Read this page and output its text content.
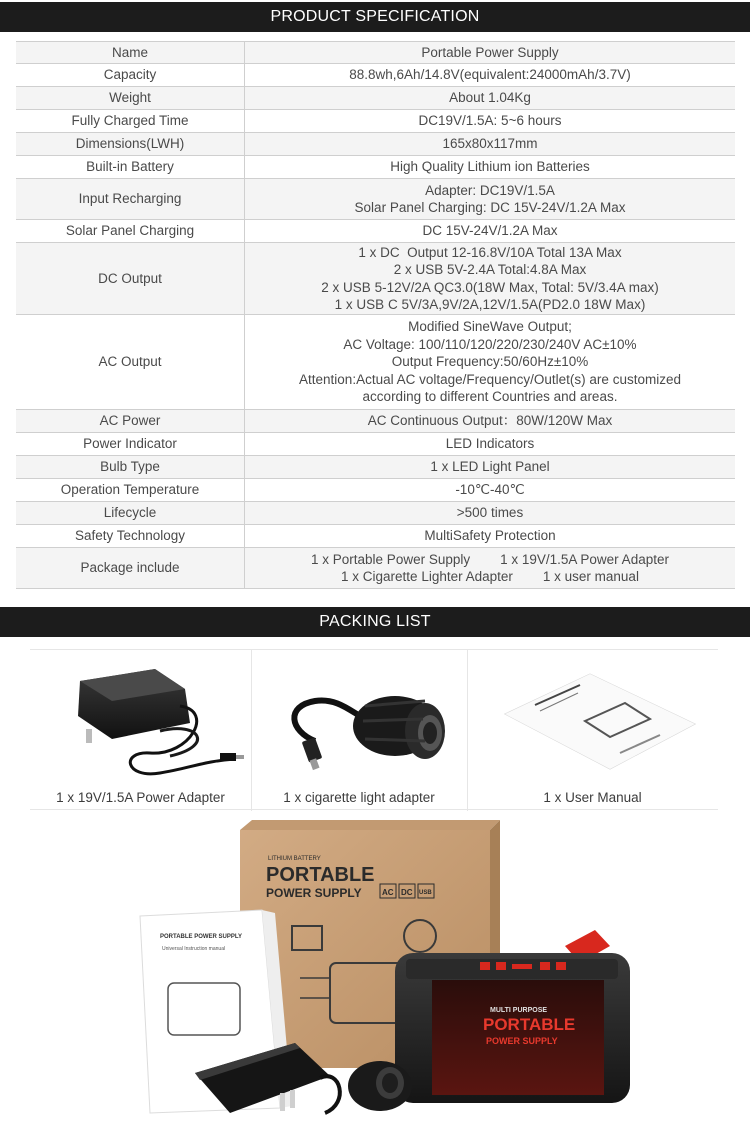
PRODUCT SPECIFICATION
Name	Portable Power Supply

Capacity	88.8wh,6Ah/14.8V(equivalent:24000mAh/3.7V)

Weight	About 1.04Kg

Fully Charged Time	DC19V/1.5A: 5~6 hours

Dimensions(LWH)	165x80x117mm

Built-in Battery	High Quality Lithium ion Batteries

Input Recharging	Adapter: DC19V/1.5A
Solar Panel Charging: DC 15V-24V/1.2A Max

Solar Panel Charging	DC 15V-24V/1.2A Max

DC Output	1 x DC  Output 12-16.8V/10A Total 13A Max
2 x USB 5V-2.4A Total:4.8A Max
2 x USB 5-12V/2A QC3.0(18W Max, Total: 5V/3.4A max)
1 x USB C 5V/3A,9V/2A,12V/1.5A(PD2.0 18W Max)

AC Output	Modified SineWave Output;
AC Voltage: 100/110/120/220/230/240V AC±10%
Output Frequency:50/60Hz±10%
Attention:Actual AC voltage/Frequency/Outlet(s) are customized
according to different Countries and areas.

AC Power	AC Continuous Output：80W/120W Max

Power Indicator	LED Indicators

Bulb Type	1 x LED Light Panel

Operation Temperature	-10℃-40℃

Lifecycle	>500 times

Safety Technology	MultiSafety Protection

Package include	1 x Portable Power Supply        1 x 19V/1.5A Power Adapter
1 x Cigarette Lighter Adapter        1 x user manual
PACKING LIST
1 x 19V/1.5A Power Adapter	1 x cigarette light adapter	1 x User Manual
LITHIUM BATTERY
PORTABLE
POWER SUPPLY	AC DC USB
PORTABLE POWER SUPPLY
Universal Instruction manual
MULTI PURPOSE
PORTABLE
POWER SUPPLY
